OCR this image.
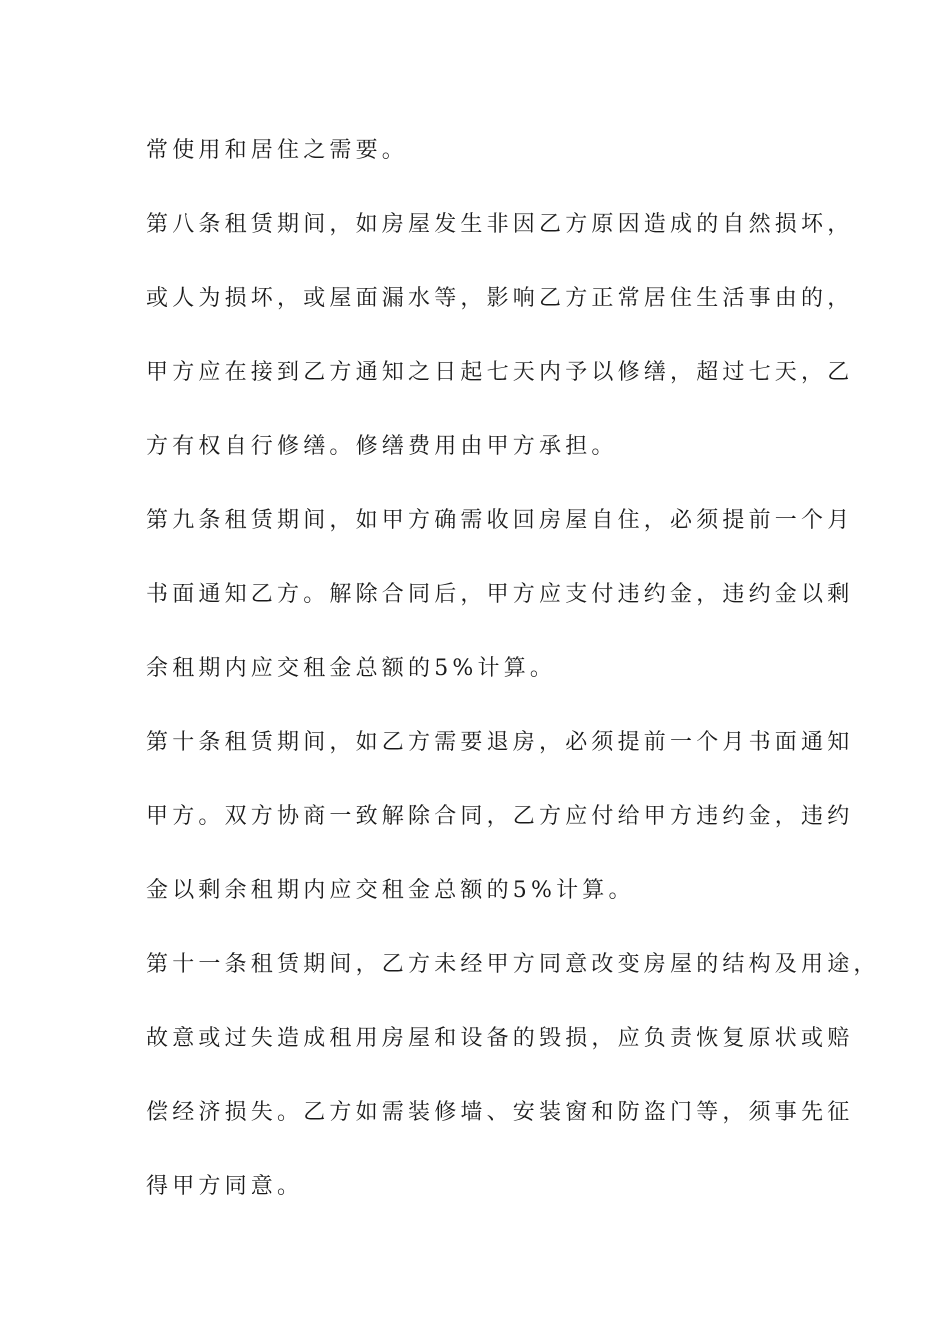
常使用和居住之需要。
第八条租赁期间，如房屋发生非因乙方原因造成的自然损坏，
或人为损坏，或屋面漏水等，影响乙方正常居住生活事由的，
甲方应在接到乙方通知之日起七天内予以修缮，超过七天，乙
方有权自行修缮。修缮费用由甲方承担。
第九条租赁期间，如甲方确需收回房屋自住，必须提前一个月
书面通知乙方。解除合同后，甲方应支付违约金，违约金以剩
余租期内应交租金总额的5%计算。
第十条租赁期间，如乙方需要退房，必须提前一个月书面通知
甲方。双方协商一致解除合同，乙方应付给甲方违约金，违约
金以剩余租期内应交租金总额的5%计算。
第十一条租赁期间，乙方未经甲方同意改变房屋的结构及用途，
故意或过失造成租用房屋和设备的毁损，应负责恢复原状或赔
偿经济损失。乙方如需装修墙、安装窗和防盗门等，须事先征
得甲方同意。
